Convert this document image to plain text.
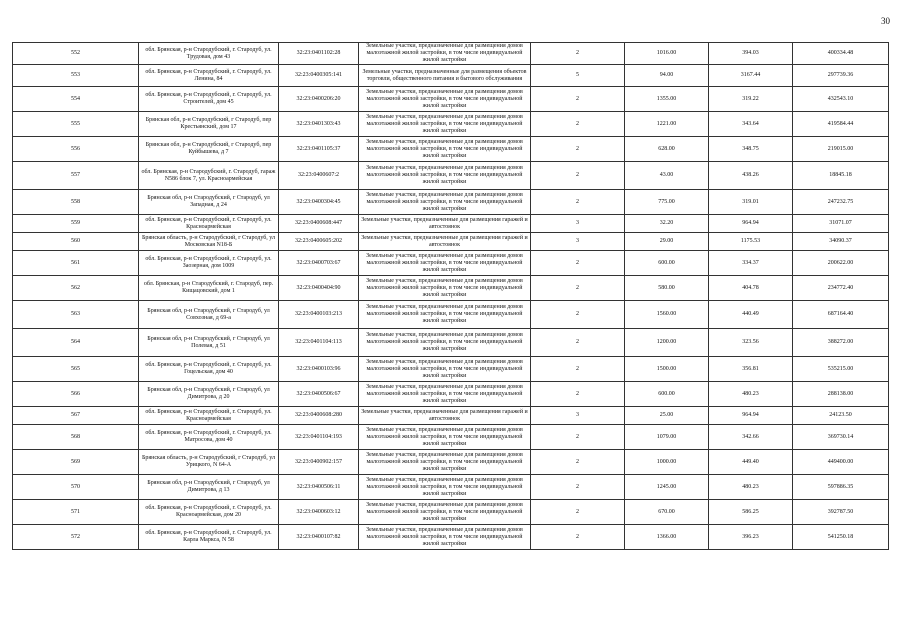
30
552	обл. Брянская, р-н Стародубский, г. Стародуб, ул. Трудовая, дом 43	32:23:0401102:28	Земельные участки, предназначенные для размещения домов малоэтажной жилой застройки, в том числе индивидуальной жилой застройки	2	1016.00	394.03	400334.48
553	обл. Брянская, р-н Стародубский, г. Стародуб, ул. Ленина, 84	32:23:0400305:141	Земельные участки, предназначенные для размещения объектов торговли, общественного питания и бытового обслуживания	5	94.00	3167.44	297739.36
554	обл. Брянская, р-н Стародубский, г. Стародуб, ул. Строителей, дом 45	32:23:0400206:20	Земельные участки, предназначенные для размещения домов малоэтажной жилой застройки, в том числе индивидуальной жилой застройки	2	1355.00	319.22	432543.10
555	Брянская обл, р-н Стародубский, г Стародуб, пер Крестьянский, дом 17	32:23:0401303:43	Земельные участки, предназначенные для размещения домов малоэтажной жилой застройки, в том числе индивидуальной жилой застройки	2	1221.00	343.64	419584.44
556	Брянская обл, р-н Стародубский, г Стародуб, пер Куйбышева, д 7	32:23:0401105:37	Земельные участки, предназначенные для размещения домов малоэтажной жилой застройки, в том числе индивидуальной жилой застройки	2	628.00	348.75	219015.00
557	обл. Брянская, р-н Стародубский, г. Стародуб, гараж N586 блок 7, ул. Красноармейская	32:23:0400607:2	Земельные участки, предназначенные для размещения домов малоэтажной жилой застройки, в том числе индивидуальной жилой застройки	2	43.00	438.26	18845.18
558	Брянская обл, р-н Стародубский, г Стародуб, ул Западная, д 24	32:23:0400304:45	Земельные участки, предназначенные для размещения домов малоэтажной жилой застройки, в том числе индивидуальной жилой застройки	2	775.00	319.01	247232.75
559	обл. Брянская, р-н Стародубский, г. Стародуб, ул. Красноармейская	32:23:0400608:447	Земельные участки, предназначенные для размещения гаражей и автостоянок	3	32.20	964.94	31071.07
560	Брянская область, р-н Стародубский, г Стародуб, ул Московская N18-Б	32:23:0400605:202	Земельные участки, предназначенные для размещения гаражей и автостоянок	3	29.00	1175.53	34090.37
561	обл. Брянская, р-н Стародубский, г. Стародуб, ул. Заозерная, дом 1009	32:23:0400703:67	Земельные участки, предназначенные для размещения домов малоэтажной жилой застройки, в том числе индивидуальной жилой застройки	2	600.00	334.37	200622.00
562	обл. Брянская, р-н Стародубский, г. Стародуб, пер. Кищацовский, дом 1	32:23:0400404:90	Земельные участки, предназначенные для размещения домов малоэтажной жилой застройки, в том числе индивидуальной жилой застройки	2	580.00	404.78	234772.40
563	Брянская обл, р-н Стародубский, г Стародуб, ул Совхозная, д 69-а	32:23:0400103:213	Земельные участки, предназначенные для размещения домов малоэтажной жилой застройки, в том числе индивидуальной жилой застройки	2	1560.00	440.49	687164.40
564	Брянская обл, р-н Стародубский, г Стародуб, ул Полевая, д 51	32:23:0401104:113	Земельные участки, предназначенные для размещения домов малоэтажной жилой застройки, в том числе индивидуальной жилой застройки	2	1200.00	323.56	388272.00
565	обл. Брянская, р-н Стародубский, г. Стародуб, ул. Гоцельская, дом 40	32:23:0400103:96	Земельные участки, предназначенные для размещения домов малоэтажной жилой застройки, в том числе индивидуальной жилой застройки	2	1500.00	356.81	535215.00
566	Брянская обл, р-н Стародубский, г Стародуб, ул Димитрова, д 20	32:23:0400506:67	Земельные участки, предназначенные для размещения домов малоэтажной жилой застройки, в том числе индивидуальной жилой застройки	2	600.00	480.23	288138.00
567	обл. Брянская, р-н Стародубский, г. Стародуб, ул. Красноармейская	32:23:0400608:280	Земельные участки, предназначенные для размещения гаражей и автостоянок	3	25.00	964.94	24123.50
568	обл. Брянская, р-н Стародубский, г. Стародуб, ул. Матросова, дом 40	32:23:0401104:193	Земельные участки, предназначенные для размещения домов малоэтажной жилой застройки, в том числе индивидуальной жилой застройки	2	1079.00	342.66	369730.14
569	Брянская область, р-н Стародубский, г Стародуб, ул Урицкого, N 64-А	32:23:0400902:157	Земельные участки, предназначенные для размещения домов малоэтажной жилой застройки, в том числе индивидуальной жилой застройки	2	1000.00	449.40	449400.00
570	Брянская обл, р-н Стародубский, г Стародуб, ул Димитрова, д 13	32:23:0400506:11	Земельные участки, предназначенные для размещения домов малоэтажной жилой застройки, в том числе индивидуальной жилой застройки	2	1245.00	480.23	597886.35
571	обл. Брянская, р-н Стародубский, г. Стародуб, ул. Красноармейская, дом 20	32:23:0400603:12	Земельные участки, предназначенные для размещения домов малоэтажной жилой застройки, в том числе индивидуальной жилой застройки	2	670.00	586.25	392787.50
572	обл. Брянская, р-н Стародубский, г. Стародуб, ул. Карла Маркса, N 58	32:23:0400107:82	Земельные участки, предназначенные для размещения домов малоэтажной жилой застройки, в том числе индивидуальной жилой застройки	2	1366.00	396.23	541250.18
